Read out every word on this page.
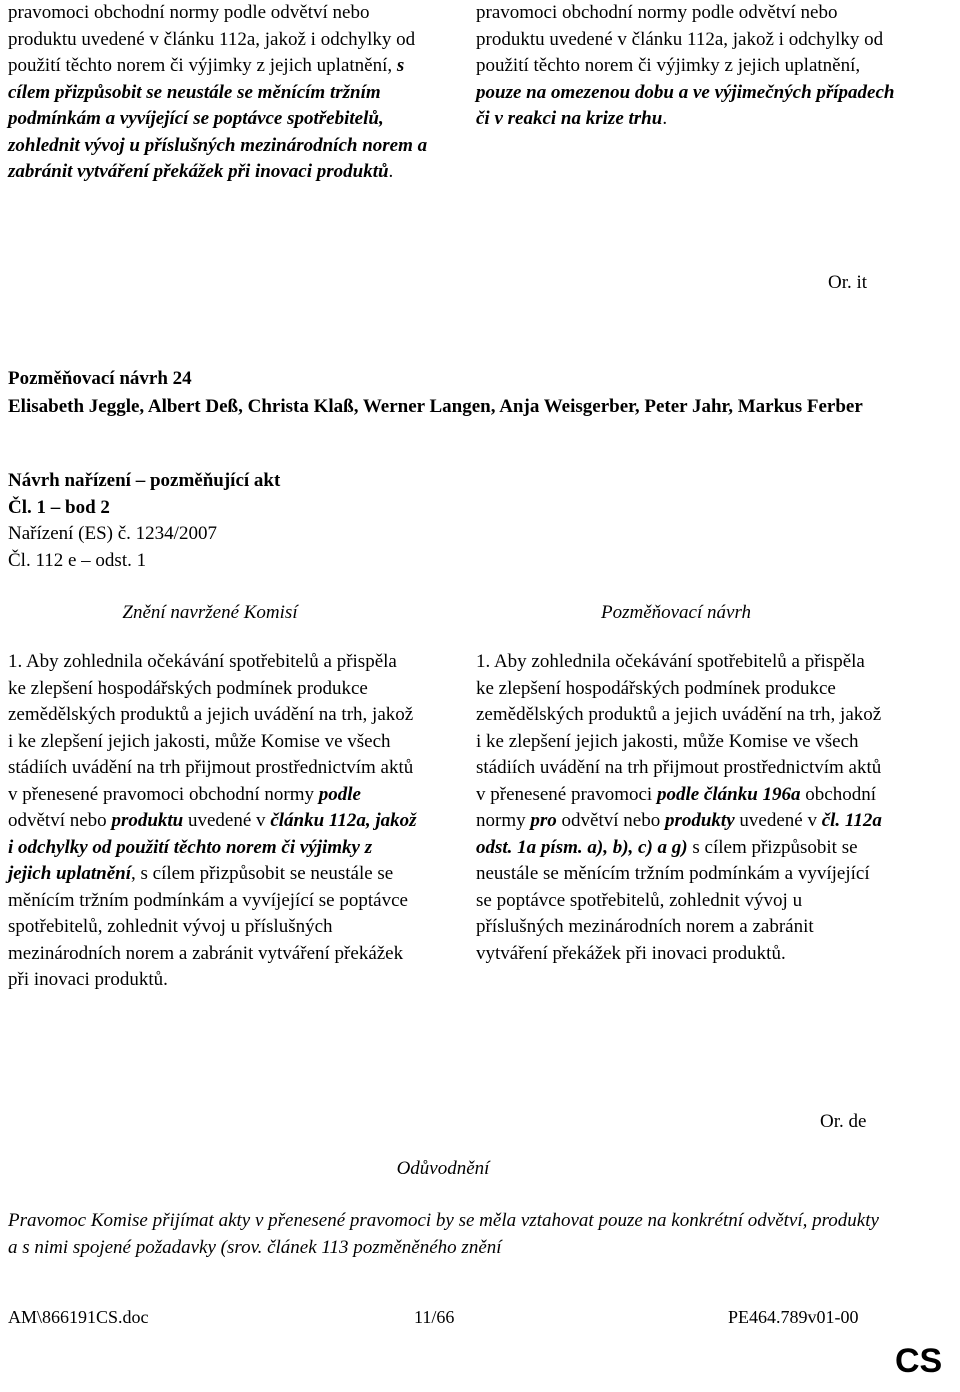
pravomoci obchodní normy podle odvětví nebo produktu uvedené v článku 112a, jakož i odchylky od použití těchto norem či výjimky z jejich uplatnění, s cílem přizpůsobit se neustále se měnícím tržním podmínkám a vyvíjející se poptávce spotřebitelů, zohlednit vývoj u příslušných mezinárodních norem a zabránit vytváření překážek při inovaci produktů.

pravomoci obchodní normy podle odvětví nebo produktu uvedené v článku 112a, jakož i odchylky od použití těchto norem či výjimky z jejich uplatnění, pouze na omezenou dobu a ve výjimečných případech či v reakci na krize trhu.

Or. it
Pozměňovací návrh 24
Elisabeth Jeggle, Albert Deß, Christa Klaß, Werner Langen, Anja Weisgerber, Peter Jahr, Markus Ferber
Návrh nařízení – pozměňující akt
Čl. 1 – bod 2
Nařízení (ES) č. 1234/2007
Čl. 112 e – odst. 1
Znění navržené Komisí	Pozměňovací návrh

1. Aby zohlednila očekávání spotřebitelů a přispěla ke zlepšení hospodářských podmínek produkce zemědělských produktů a jejich uvádění na trh, jakož i ke zlepšení jejich jakosti, může Komise ve všech stádiích uvádění na trh přijmout prostřednictvím aktů v přenesené pravomoci obchodní normy podle odvětví nebo produktu uvedené v článku 112a, jakož i odchylky od použití těchto norem či výjimky z jejich uplatnění, s cílem přizpůsobit se neustále se měnícím tržním podmínkám a vyvíjející se poptávce spotřebitelů, zohlednit vývoj u příslušných mezinárodních norem a zabránit vytváření překážek při inovaci produktů.

1. Aby zohlednila očekávání spotřebitelů a přispěla ke zlepšení hospodářských podmínek produkce zemědělských produktů a jejich uvádění na trh, jakož i ke zlepšení jejich jakosti, může Komise ve všech stádiích uvádění na trh přijmout prostřednictvím aktů v přenesené pravomoci podle článku 196a obchodní normy pro odvětví nebo produkty uvedené v čl. 112a odst. 1a písm. a), b), c) a g) s cílem přizpůsobit se neustále se měnícím tržním podmínkám a vyvíjející se poptávce spotřebitelů, zohlednit vývoj u příslušných mezinárodních norem a zabránit vytváření překážek při inovaci produktů.

Or. de
Odůvodnění
Pravomoc Komise přijímat akty v přenesené pravomoci by se měla vztahovat pouze na konkrétní odvětví, produkty a s nimi spojené požadavky (srov. článek 113 pozměněného znění
AM\866191CS.doc	11/66	PE464.789v01-00
CS
